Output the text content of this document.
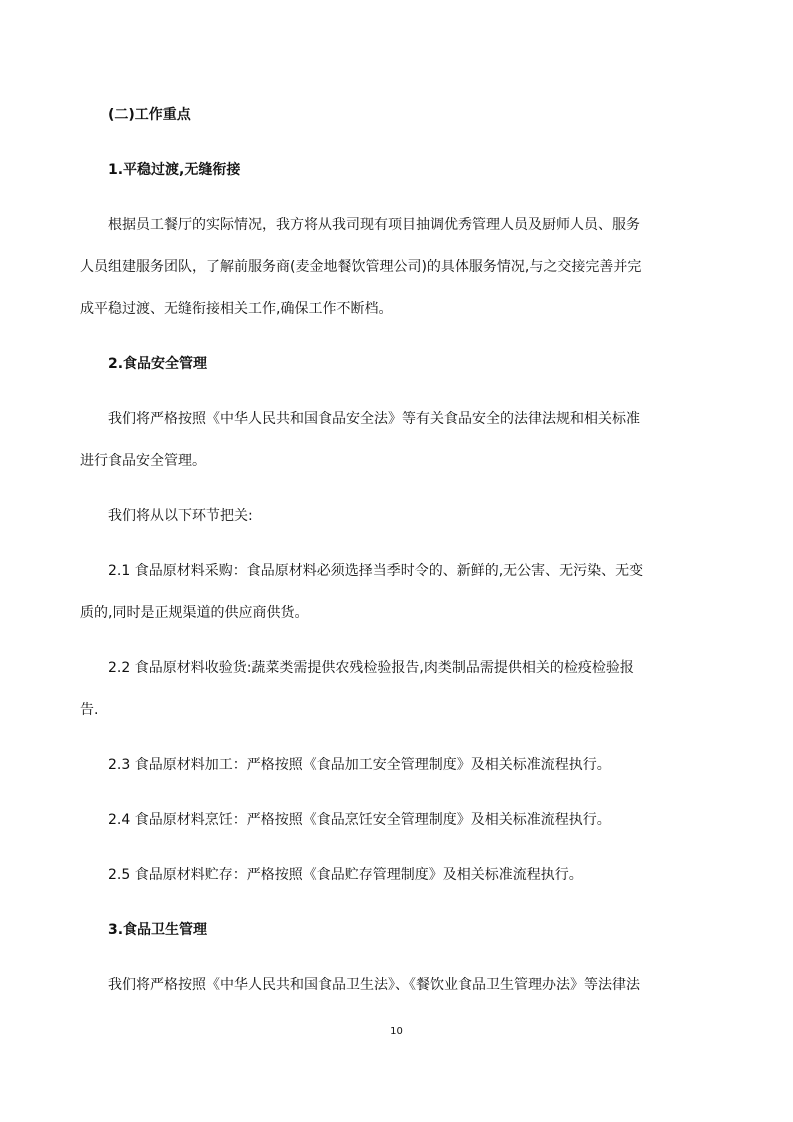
(二)工作重点
1.平稳过渡,无缝衔接
根据员工餐厅的实际情况，我方将从我司现有项目抽调优秀管理人员及厨师人员、服务
人员组建服务团队，了解前服务商(麦金地餐饮管理公司)的具体服务情况,与之交接完善并完
成平稳过渡、无缝衔接相关工作,确保工作不断档。
2.食品安全管理
我们将严格按照《中华人民共和国食品安全法》等有关食品安全的法律法规和相关标准
进行食品安全管理。
我们将从以下环节把关:
2.1 食品原材料采购：食品原材料必须选择当季时令的、新鲜的,无公害、无污染、无变
质的,同时是正规渠道的供应商供货。
2.2 食品原材料收验货:蔬菜类需提供农残检验报告,肉类制品需提供相关的检疫检验报
告.
2.3 食品原材料加工：严格按照《食品加工安全管理制度》及相关标准流程执行。
2.4 食品原材料烹饪：严格按照《食品烹饪安全管理制度》及相关标准流程执行。
2.5 食品原材料贮存：严格按照《食品贮存管理制度》及相关标准流程执行。
3.食品卫生管理
我们将严格按照《中华人民共和国食品卫生法》、《餐饮业食品卫生管理办法》等法律法
10
